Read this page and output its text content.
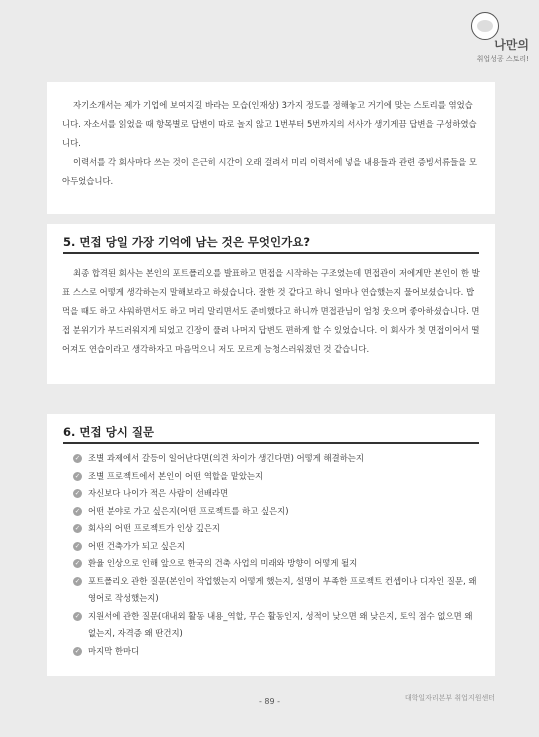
나만의
취업성공 스토리!
자기소개서는 제가 기업에 보여지길 바라는 모습(인재상) 3가지 정도를 정해놓고 거기에 맞는 스토리를 엮었습니다. 자소서를 읽었을 때 항목별로 답변이 따로 놀지 않고 1번부터 5번까지의 서사가 생기게끔 답변을 구성하였습니다.
이력서를 각 회사마다 쓰는 것이 은근히 시간이 오래 걸려서 미리 이력서에 넣을 내용들과 관련 증빙서류들을 모아두었습니다.
5. 면접 당일 가장 기억에 남는 것은 무엇인가요?
최종 합격된 회사는 본인의 포트폴리오를 발표하고 면접을 시작하는 구조였는데 면접관이 저에게만 본인이 한 발표 스스로 어떻게 생각하는지 말해보라고 하셨습니다. 잘한 것 같다고 하니 얼마나 연습했는지 물어보셨습니다. 밥 먹을 때도 하고 샤워하면서도 하고 머리 말리면서도 준비했다고 하니까 면접관님이 엄청 웃으며 좋아하셨습니다. 면접 분위기가 부드러워지게 되었고 긴장이 풀려 나머지 답변도 편하게 할 수 있었습니다. 이 회사가 첫 면접이어서 떨어져도 연습이라고 생각하자고 마음먹으니 저도 모르게 능청스러워졌던 것 같습니다.
6. 면접 당시 질문
✓ 조별 과제에서 갈등이 일어난다면(의견 차이가 생긴다면) 어떻게 해결하는지
✓ 조별 프로젝트에서 본인이 어떤 역할을 맡았는지
✓ 자신보다 나이가 적은 사람이 선배라면
✓ 어떤 분야로 가고 싶은지(어떤 프로젝트를 하고 싶은지)
✓ 회사의 어떤 프로젝트가 인상 깊은지
✓ 어떤 건축가가 되고 싶은지
✓ 환율 인상으로 인해 앞으로 한국의 건축 사업의 미래와 방향이 어떻게 될지
✓ 포트폴리오 관한 질문(본인이 작업했는지 어떻게 했는지, 설명이 부족한 프로젝트 컨셉이나 디자인 질문, 왜 영어로 작성했는지)
✓ 지원서에 관한 질문(대내외 활동 내용_역할, 무슨 활동인지, 성적이 낮으면 왜 낮은지, 토익 점수 없으면 왜 없는지, 자격증 왜 딴건지)
✓ 마지막 한마디
대학일자리본부 취업지원센터
- 89 -
